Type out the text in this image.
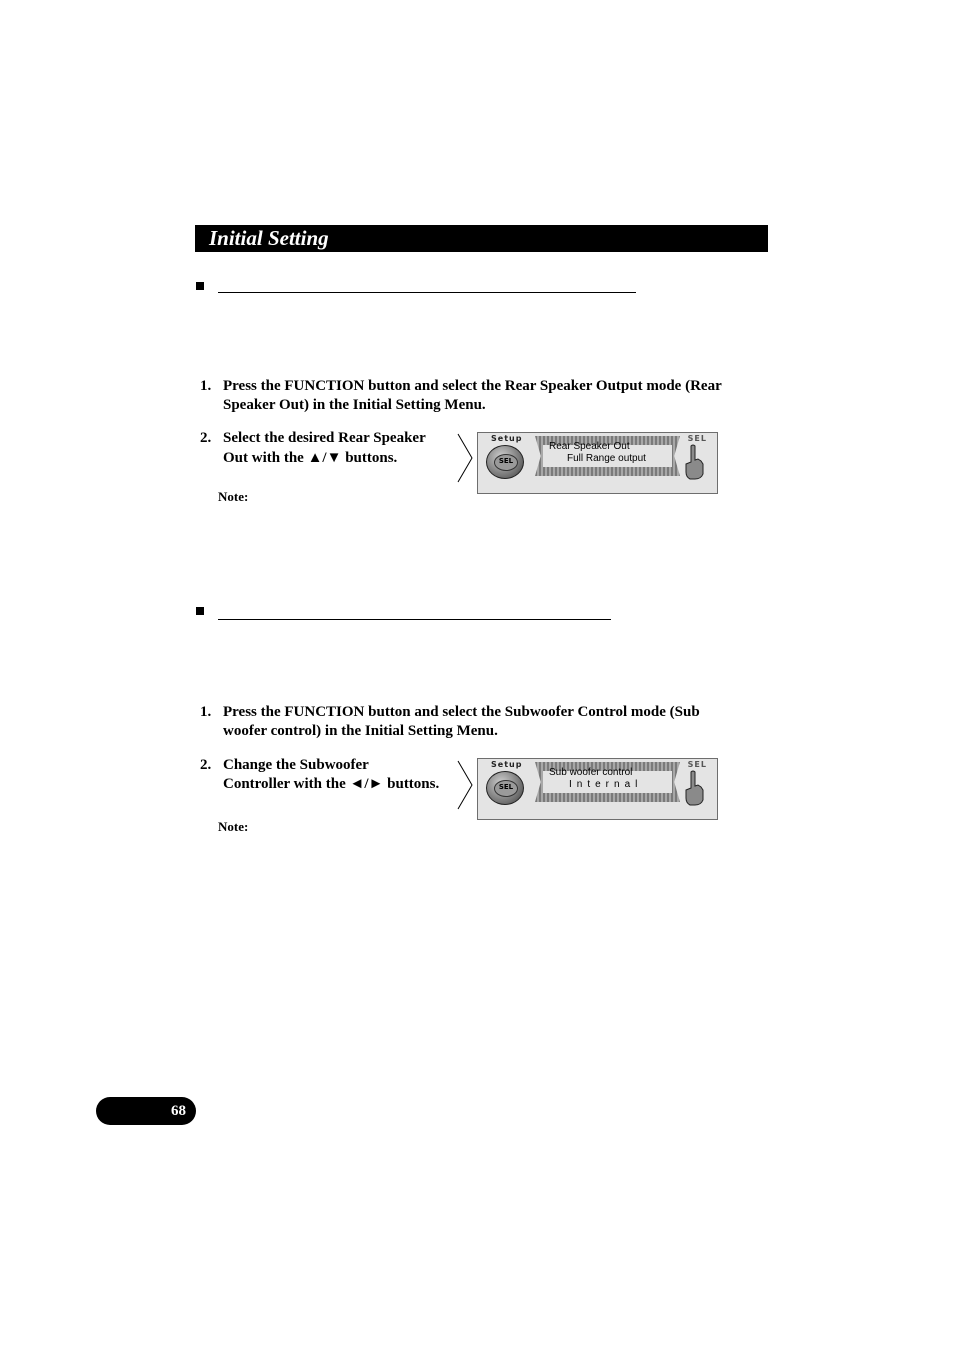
Initial Setting
1. Press the FUNCTION button and select the Rear Speaker Output mode (Rear
Speaker Out) in the Initial Setting Menu.
2. Select the desired Rear Speaker
Out with the ▲/▼ buttons.
Note:
Setup	SEL
SEL
Rear Speaker Out
Full Range output
1. Press the FUNCTION button and select the Subwoofer Control mode (Sub
woofer control) in the Initial Setting Menu.
2. Change the Subwoofer
Controller with the ◄/► buttons.
Note:
Setup	SEL
SEL
Sub woofer control
Internal
68
